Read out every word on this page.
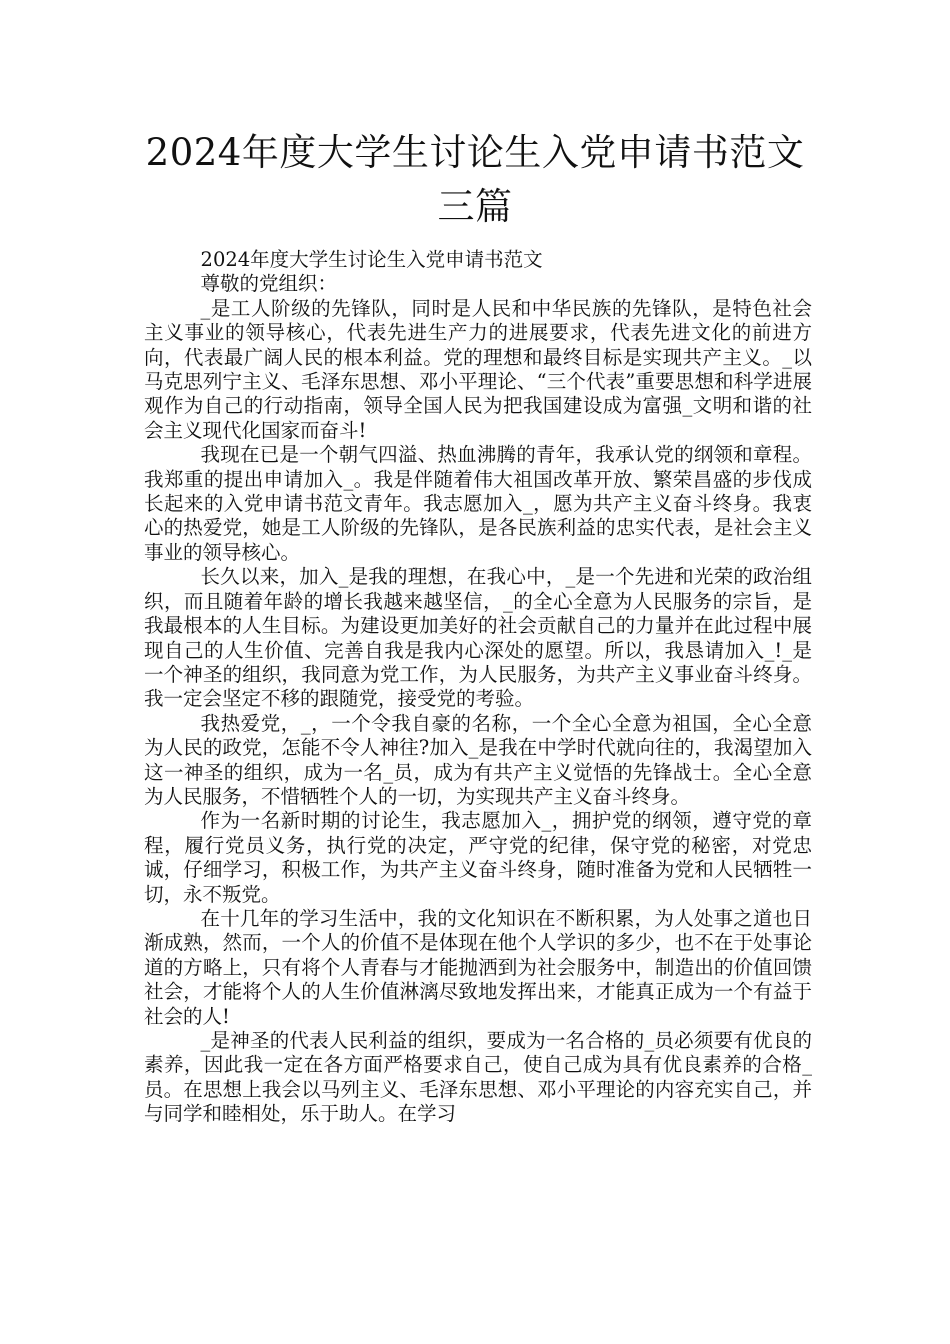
2024年度大学生讨论生入党申请书范文三篇

2024年度大学生讨论生入党申请书范文

尊敬的党组织：

_是工人阶级的先锋队，同时是人民和中华民族的先锋队，是特色社会主义事业的领导核心，代表先进生产力的进展要求，代表先进文化的前进方向，代表最广阔人民的根本利益。党的理想和最终目标是实现共产主义。_以马克思列宁主义、毛泽东思想、邓小平理论、“三个代表”重要思想和科学进展观作为自己的行动指南，领导全国人民为把我国建设成为富强_文明和谐的社会主义现代化国家而奋斗!

我现在已是一个朝气四溢、热血沸腾的青年，我承认党的纲领和章程。我郑重的提出申请加入_。我是伴随着伟大祖国改革开放、繁荣昌盛的步伐成长起来的入党申请书范文青年。我志愿加入_，愿为共产主义奋斗终身。我衷心的热爱党，她是工人阶级的先锋队，是各民族利益的忠实代表，是社会主义事业的领导核心。

长久以来，加入_是我的理想，在我心中，_是一个先进和光荣的政治组织，而且随着年龄的增长我越来越坚信，_的全心全意为人民服务的宗旨，是我最根本的人生目标。为建设更加美好的社会贡献自己的力量并在此过程中展现自己的人生价值、完善自我是我内心深处的愿望。所以，我恳请加入_!_是一个神圣的组织，我同意为党工作，为人民服务，为共产主义事业奋斗终身。我一定会坚定不移的跟随党，接受党的考验。

我热爱党，_，一个令我自豪的名称，一个全心全意为祖国，全心全意为人民的政党，怎能不令人神往?加入_是我在中学时代就向往的，我渴望加入这一神圣的组织，成为一名_员，成为有共产主义觉悟的先锋战士。全心全意为人民服务，不惜牺牲个人的一切，为实现共产主义奋斗终身。

作为一名新时期的讨论生，我志愿加入_，拥护党的纲领，遵守党的章程，履行党员义务，执行党的决定，严守党的纪律，保守党的秘密，对党忠诚，仔细学习，积极工作，为共产主义奋斗终身，随时准备为党和人民牺牲一切，永不叛党。

在十几年的学习生活中，我的文化知识在不断积累，为人处事之道也日渐成熟，然而，一个人的价值不是体现在他个人学识的多少，也不在于处事论道的方略上，只有将个人青春与才能抛洒到为社会服务中，制造出的价值回馈社会，才能将个人的人生价值淋漓尽致地发挥出来，才能真正成为一个有益于社会的人!

_是神圣的代表人民利益的组织，要成为一名合格的_员必须要有优良的素养，因此我一定在各方面严格要求自己，使自己成为具有优良素养的合格_员。在思想上我会以马列主义、毛泽东思想、邓小平理论的内容充实自己，并与同学和睦相处，乐于助人。在学习
